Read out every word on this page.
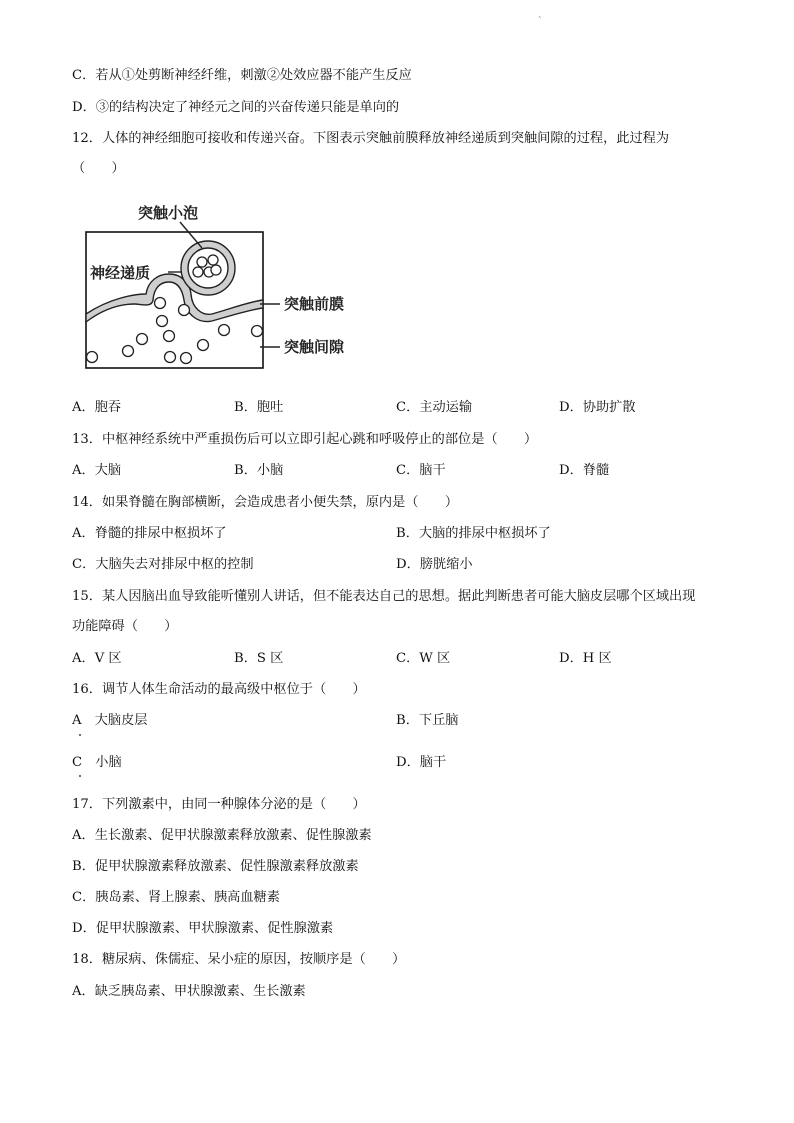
`
C．若从①处剪断神经纤维，刺激②处效应器不能产生反应
D．③的结构决定了神经元之间的兴奋传递只能是单向的
12．人体的神经细胞可接收和传递兴奋。下图表示突触前膜释放神经递质到突触间隙的过程，此过程为
（　　）
突触小泡
神经递质
突触前膜
突触间隙
A．胞吞	B．胞吐	C．主动运输	D．协助扩散
13．中枢神经系统中严重损伤后可以立即引起心跳和呼吸停止的部位是（　　）
A．大脑	B．小脑	C．脑干	D．脊髓
14．如果脊髓在胸部横断，会造成患者小便失禁，原内是（　　）
A．脊髓的排尿中枢损坏了	B．大脑的排尿中枢损坏了
C．大脑失去对排尿中枢的控制	D．膀胱缩小
15．某人因脑出血导致能听懂别人讲话，但不能表达自己的思想。据此判断患者可能大脑皮层哪个区域出现
功能障碍（　　）
A．V 区	B．S 区	C．W 区	D．H 区
16．调节人体生命活动的最高级中枢位于（　　）
A　大脑皮层	B．下丘脑
C　小脑	D．脑干
17．下列激素中，由同一种腺体分泌的是（　　）
A．生长激素、促甲状腺激素释放激素、促性腺激素
B．促甲状腺激素释放激素、促性腺激素释放激素
C．胰岛素、肾上腺素、胰高血糖素
D．促甲状腺激素、甲状腺激素、促性腺激素
18．糖尿病、侏儒症、呆小症的原因，按顺序是（　　）
A．缺乏胰岛素、甲状腺激素、生长激素
